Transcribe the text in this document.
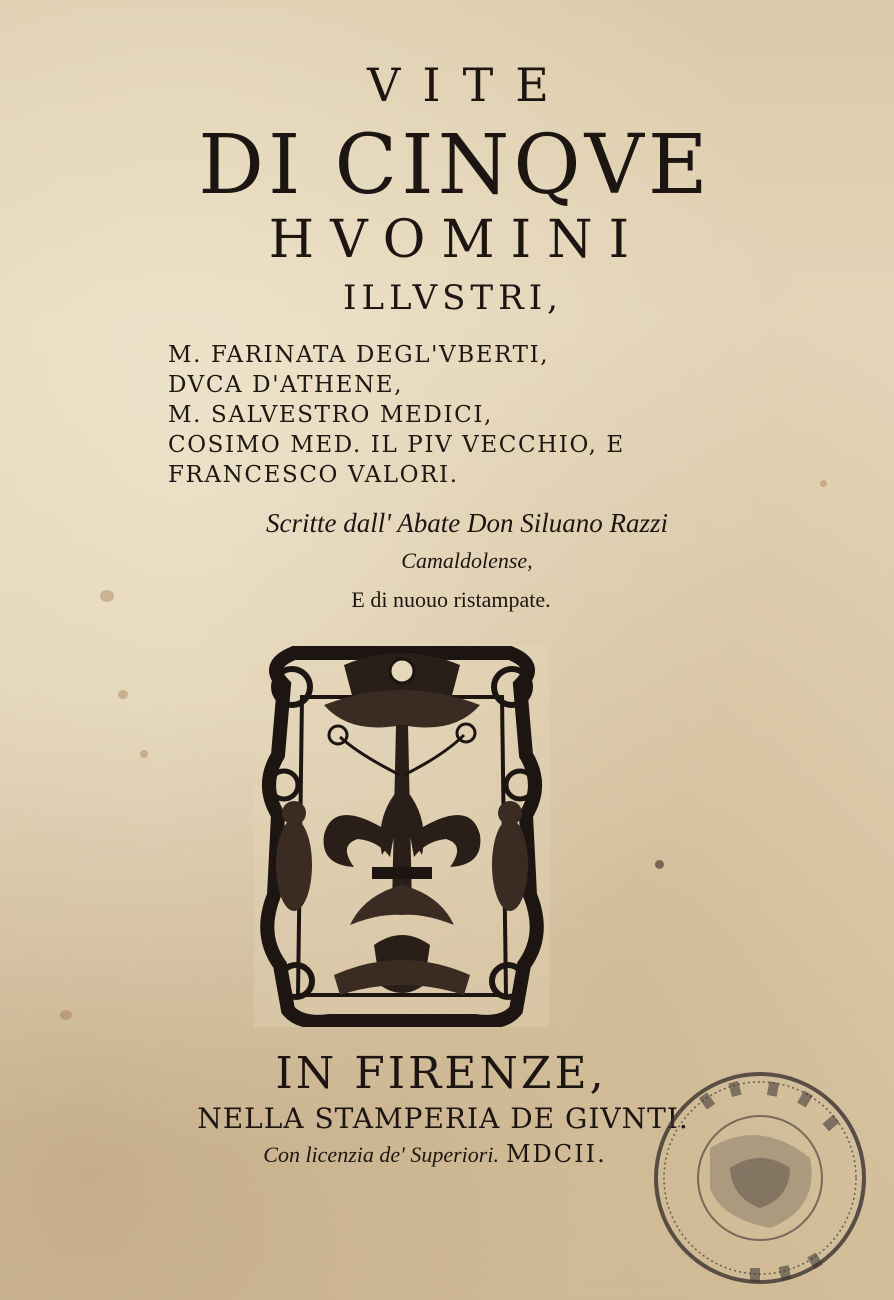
VITE
DI CINQVE
HVOMINI
ILLVSTRI,
M. FARINATA DEGL'VBERTI,
DVCA D'ATHENE,
M. SALVESTRO MEDICI,
COSIMO MED. IL PIV VECCHIO, E
FRANCESCO VALORI.
Scritte dall' Abate Don Siluano Razzi
Camaldolense,
E di nuouo ristampate.
IN FIRENZE,
NELLA STAMPERIA DE GIVNTI.
Con licenzia de' Superiori. MDCII.
